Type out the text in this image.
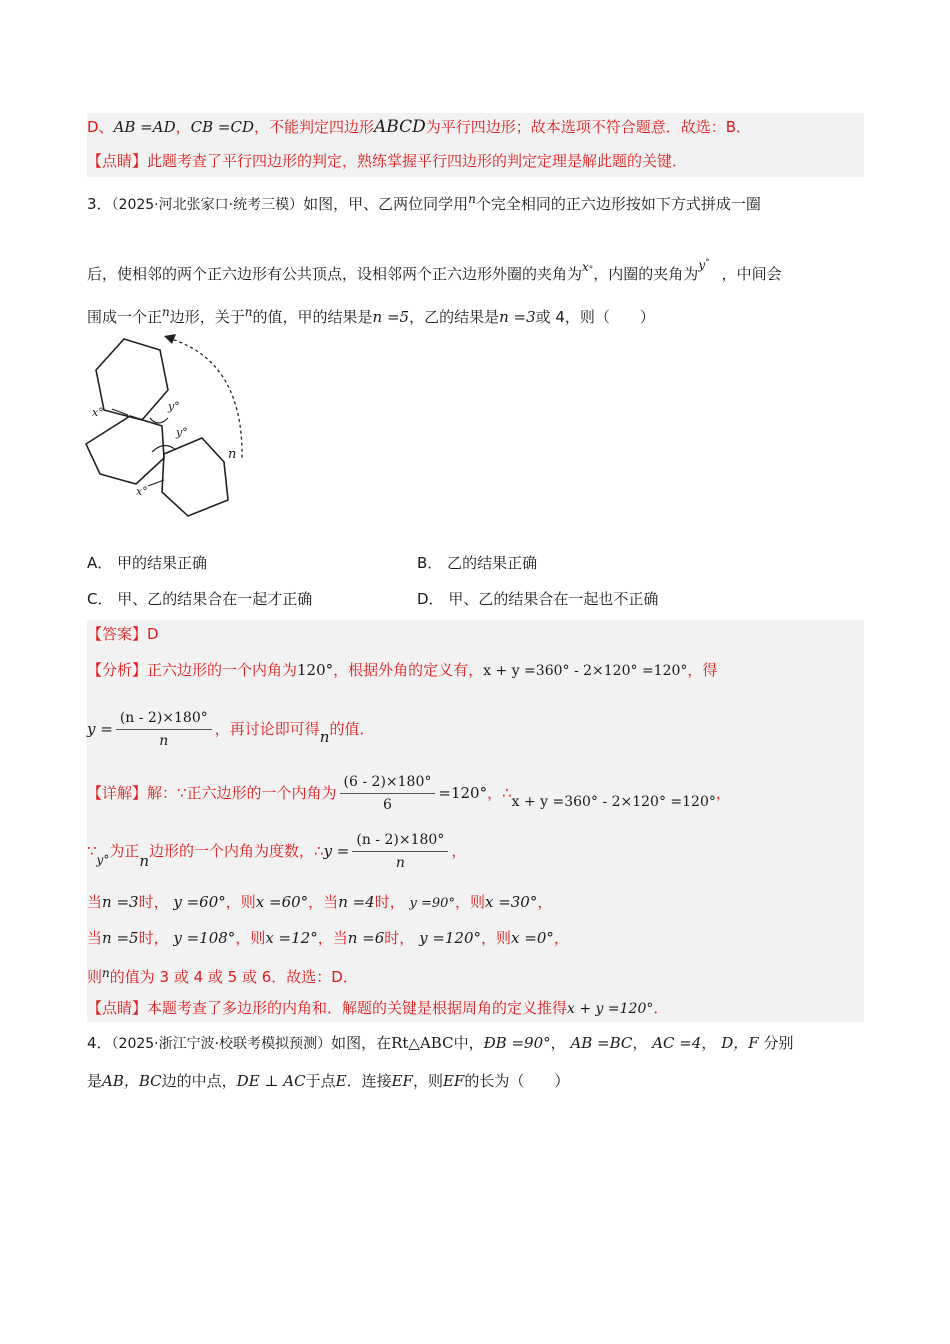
D、AB =AD，CB =CD，不能判定四边形ABCD为平行四边形；故本选项不符合题意．故选：B．
【点睛】此题考查了平行四边形的判定，熟练掌握平行四边形的判定定理是解此题的关键．
3．（2025·河北张家口·统考三模）如图，甲、乙两位同学用$^n$个完全相同的正六边形按如下方式拼成一圈
后，使相邻的两个正六边形有公共顶点，设相邻两个正六边形外圈的夹角为$^{x^\circ}$，内圈的夹角为$^{y^\circ}$，中间会
围成一个正$^n$边形，关于$^n$的值，甲的结果是n =5，乙的结果是n =3或 4，则（　　）
x°	y°
y°
x°
n
A． 甲的结果正确	B． 乙的结果正确
C． 甲、乙的结果合在一起才正确	D． 甲、乙的结果合在一起也不正确
【答案】D
【分析】正六边形的一个内角为120°，根据外角的定义有，x + y =360° - 2×120° =120°，得
$y = \frac{(n - 2)\times 180^\circ}{n}$ ，再讨论即可得n的值．
【详解】解：∵正六边形的一个内角为 $\frac{(6 - 2)\times 180^\circ}{6} =120^\circ$，∴x + y =360° - 2×120° =120°，
$\because_{y^\circ}$为正n边形的一个内角为度数，∴y = $\frac{(n - 2)\times 180^\circ}{n}$ ，
当n =3时， y =60°，则x =60°，当n =4时， y =90°，则x =30°，
当n =5时， y =108°，则x =12°，当n =6时， y =120°，则x =0°，
则$^n$的值为 3 或 4 或 5 或 6．故选：D．
【点睛】本题考查了多边形的内角和．解题的关键是根据周角的定义推得x + y =120°．
4．（2025·浙江宁波·校联考模拟预测）如图，在Rt△ABC中，ÐB =90°， AB =BC， AC =4， D，F 分别
是AB，BC边的中点，DE ⊥ AC于点E．连接EF，则EF的长为（　　）
